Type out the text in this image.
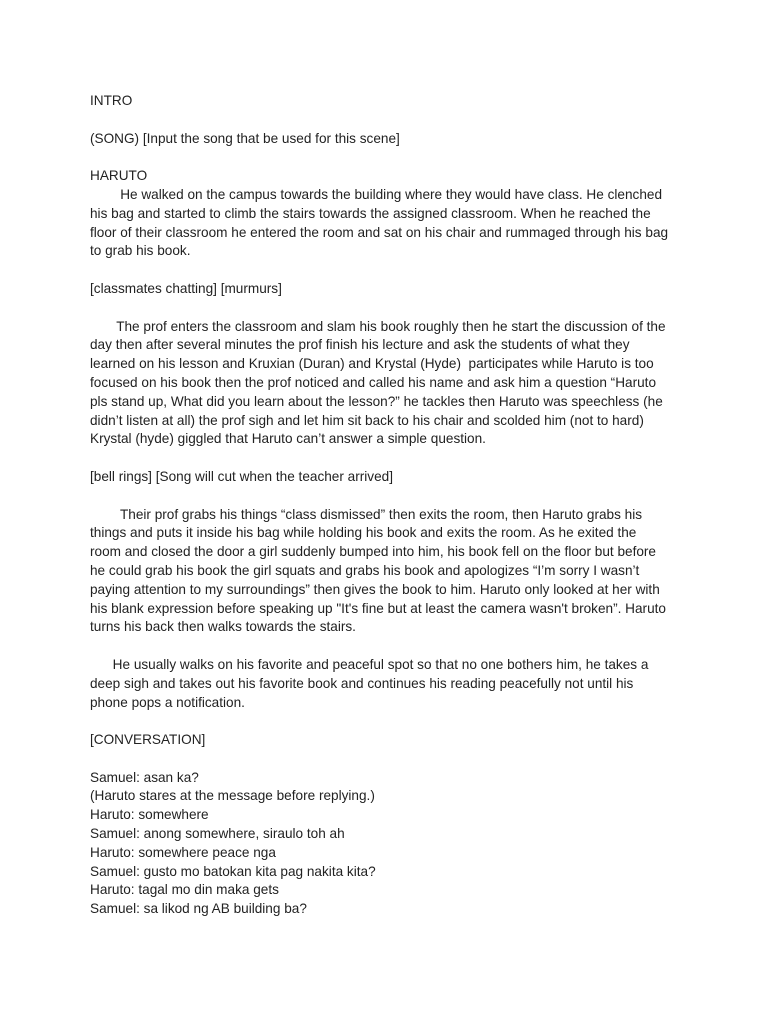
INTRO

(SONG) [Input the song that be used for this scene]

HARUTO

He walked on the campus towards the building where they would have class. He clenched
his bag and started to climb the stairs towards the assigned classroom. When he reached the
floor of their classroom he entered the room and sat on his chair and rummaged through his bag
to grab his book.

[classmates chatting] [murmurs]

The prof enters the classroom and slam his book roughly then he start the discussion of the
day then after several minutes the prof finish his lecture and ask the students of what they
learned on his lesson and Kruxian (Duran) and Krystal (Hyde)  participates while Haruto is too
focused on his book then the prof noticed and called his name and ask him a question “Haruto
pls stand up, What did you learn about the lesson?” he tackles then Haruto was speechless (he
didn’t listen at all) the prof sigh and let him sit back to his chair and scolded him (not to hard)
Krystal (hyde) giggled that Haruto can’t answer a simple question.

[bell rings] [Song will cut when the teacher arrived]

Their prof grabs his things “class dismissed” then exits the room, then Haruto grabs his
things and puts it inside his bag while holding his book and exits the room. As he exited the
room and closed the door a girl suddenly bumped into him, his book fell on the floor but before
he could grab his book the girl squats and grabs his book and apologizes “I’m sorry I wasn’t
paying attention to my surroundings” then gives the book to him. Haruto only looked at her with
his blank expression before speaking up "It's fine but at least the camera wasn't broken”. Haruto
turns his back then walks towards the stairs.
He usually walks on his favorite and peaceful spot so that no one bothers him, he takes a
deep sigh and takes out his favorite book and continues his reading peacefully not until his
phone pops a notification.

[CONVERSATION]

Samuel: asan ka?
(Haruto stares at the message before replying.)
Haruto: somewhere
Samuel: anong somewhere, siraulo toh ah
Haruto: somewhere peace nga
Samuel: gusto mo batokan kita pag nakita kita?
Haruto: tagal mo din maka gets
Samuel: sa likod ng AB building ba?
